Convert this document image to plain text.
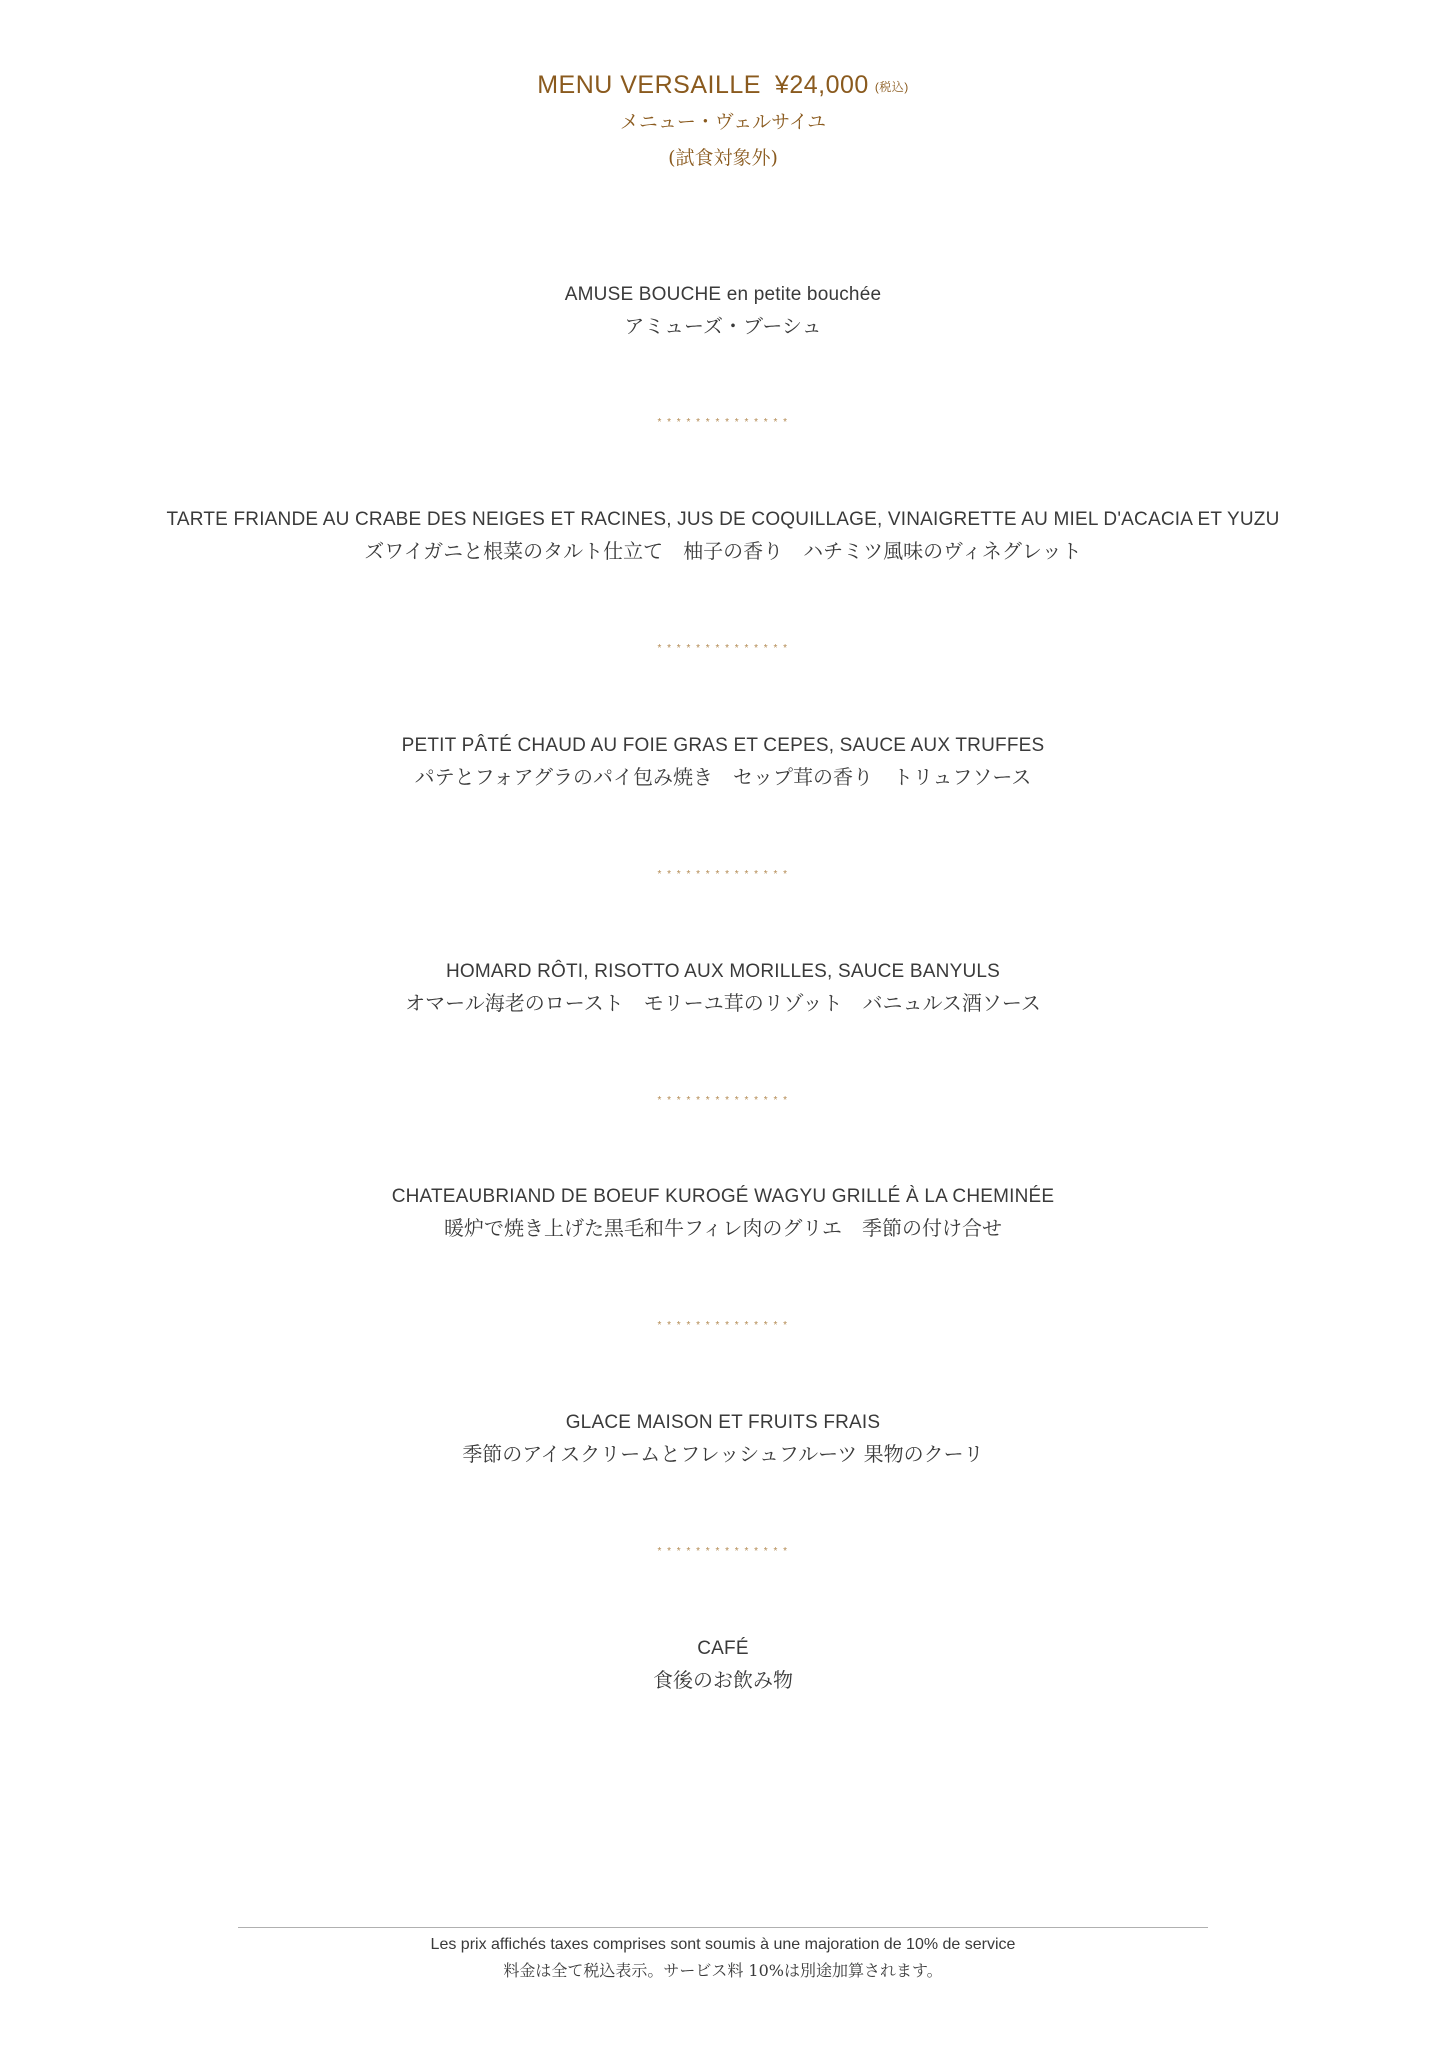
MENU VERSAILLE ¥24,000 (税込)
メニュー・ヴェルサイユ
(試食対象外)
AMUSE BOUCHE en petite bouchée
アミューズ・ブーシュ
* * * * * * * * * * * * * *
TARTE FRIANDE AU CRABE DES NEIGES ET RACINES, JUS DE COQUILLAGE, VINAIGRETTE AU MIEL D'ACACIA ET YUZU
ズワイガニと根菜のタルト仕立て　柚子の香り　ハチミツ風味のヴィネグレット
* * * * * * * * * * * * * *
PETIT PÂTÉ CHAUD AU FOIE GRAS ET CEPES, SAUCE AUX TRUFFES
パテとフォアグラのパイ包み焼き　セップ茸の香り　トリュフソース
* * * * * * * * * * * * * *
HOMARD RÔTI, RISOTTO AUX MORILLES, SAUCE BANYULS
オマール海老のロースト　モリーユ茸のリゾット　バニュルス酒ソース
* * * * * * * * * * * * * *
CHATEAUBRIAND DE BOEUF KUROGÉ WAGYU GRILLÉ À LA CHEMINÉE
暖炉で焼き上げた黒毛和牛フィレ肉のグリエ　季節の付け合せ
* * * * * * * * * * * * * *
GLACE MAISON ET FRUITS FRAIS
季節のアイスクリームとフレッシュフルーツ 果物のクーリ
* * * * * * * * * * * * * *
CAFÉ
食後のお飲み物
Les prix affichés taxes comprises sont soumis à une majoration de 10% de service
料金は全て税込表示。サービス料 10%は別途加算されます。
